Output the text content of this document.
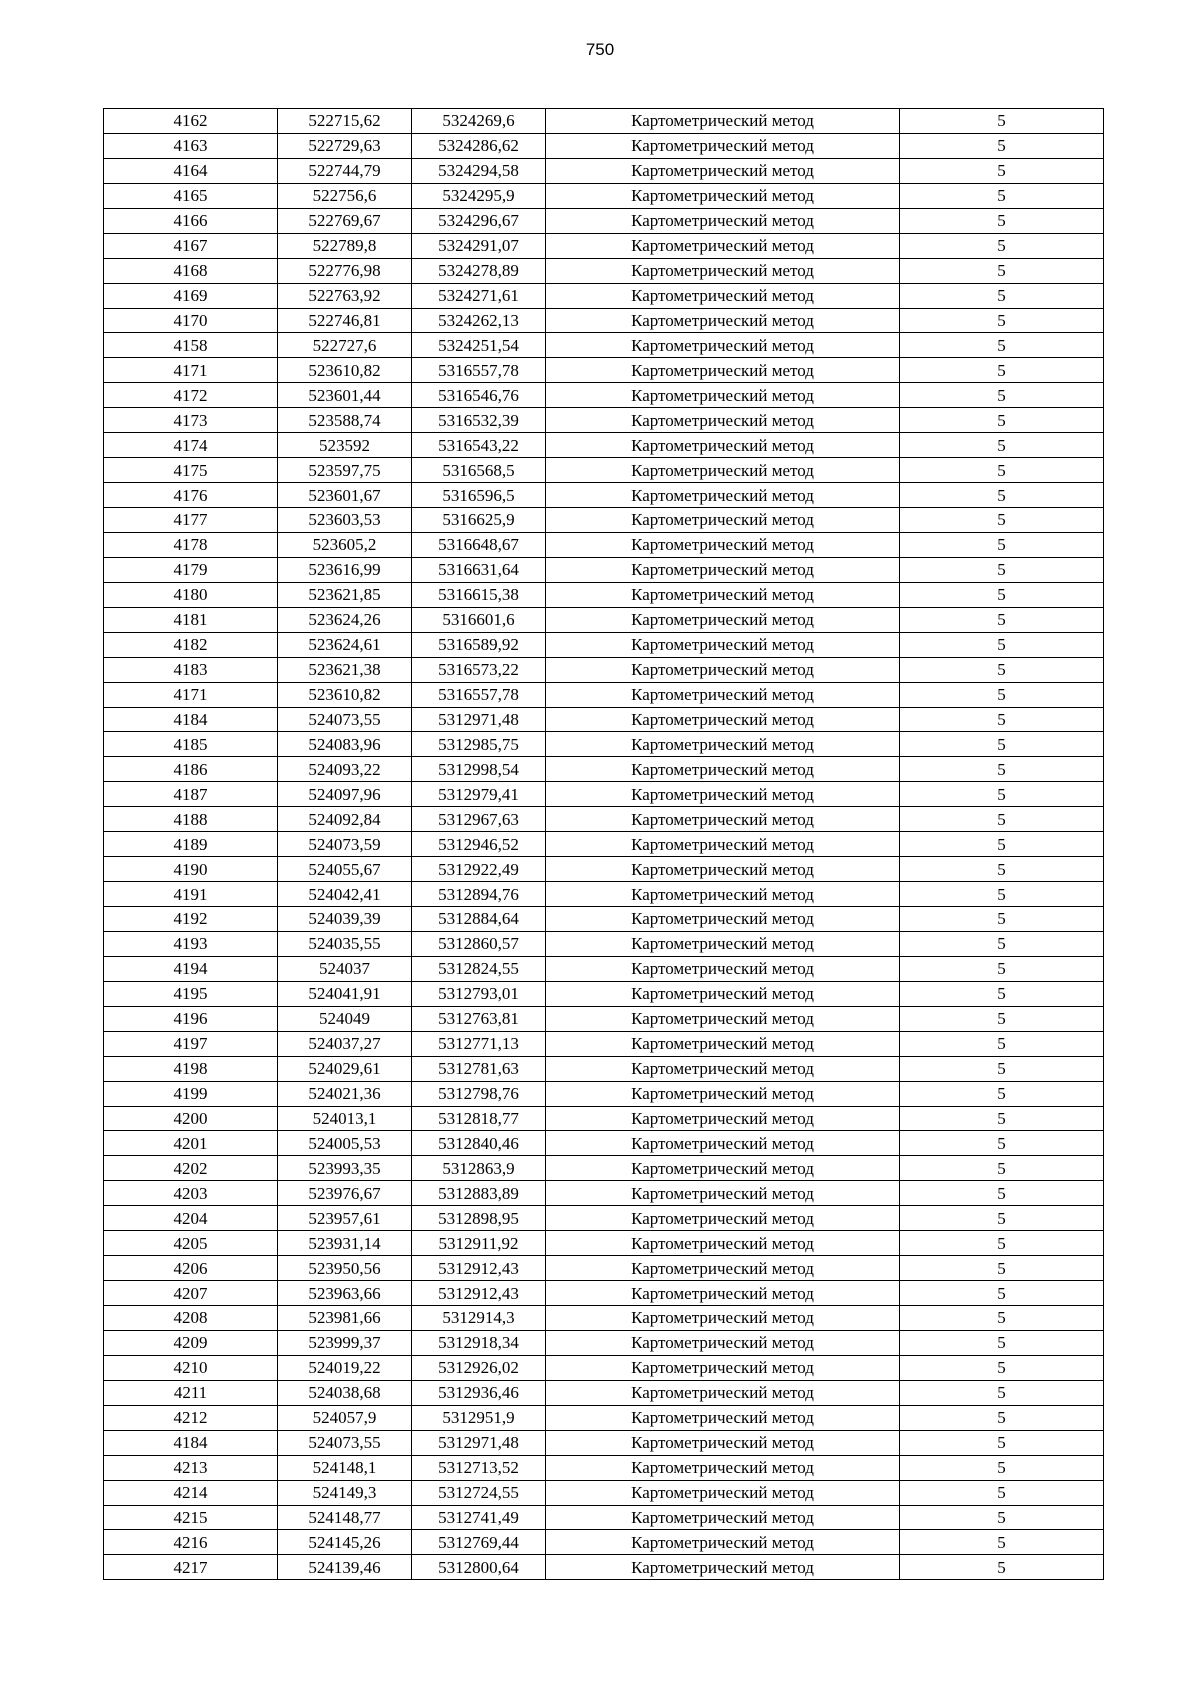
750
4162	522715,62	5324269,6	Картометрический метод	5
4163	522729,63	5324286,62	Картометрический метод	5
4164	522744,79	5324294,58	Картометрический метод	5
4165	522756,6	5324295,9	Картометрический метод	5
4166	522769,67	5324296,67	Картометрический метод	5
4167	522789,8	5324291,07	Картометрический метод	5
4168	522776,98	5324278,89	Картометрический метод	5
4169	522763,92	5324271,61	Картометрический метод	5
4170	522746,81	5324262,13	Картометрический метод	5
4158	522727,6	5324251,54	Картометрический метод	5
4171	523610,82	5316557,78	Картометрический метод	5
4172	523601,44	5316546,76	Картометрический метод	5
4173	523588,74	5316532,39	Картометрический метод	5
4174	523592	5316543,22	Картометрический метод	5
4175	523597,75	5316568,5	Картометрический метод	5
4176	523601,67	5316596,5	Картометрический метод	5
4177	523603,53	5316625,9	Картометрический метод	5
4178	523605,2	5316648,67	Картометрический метод	5
4179	523616,99	5316631,64	Картометрический метод	5
4180	523621,85	5316615,38	Картометрический метод	5
4181	523624,26	5316601,6	Картометрический метод	5
4182	523624,61	5316589,92	Картометрический метод	5
4183	523621,38	5316573,22	Картометрический метод	5
4171	523610,82	5316557,78	Картометрический метод	5
4184	524073,55	5312971,48	Картометрический метод	5
4185	524083,96	5312985,75	Картометрический метод	5
4186	524093,22	5312998,54	Картометрический метод	5
4187	524097,96	5312979,41	Картометрический метод	5
4188	524092,84	5312967,63	Картометрический метод	5
4189	524073,59	5312946,52	Картометрический метод	5
4190	524055,67	5312922,49	Картометрический метод	5
4191	524042,41	5312894,76	Картометрический метод	5
4192	524039,39	5312884,64	Картометрический метод	5
4193	524035,55	5312860,57	Картометрический метод	5
4194	524037	5312824,55	Картометрический метод	5
4195	524041,91	5312793,01	Картометрический метод	5
4196	524049	5312763,81	Картометрический метод	5
4197	524037,27	5312771,13	Картометрический метод	5
4198	524029,61	5312781,63	Картометрический метод	5
4199	524021,36	5312798,76	Картометрический метод	5
4200	524013,1	5312818,77	Картометрический метод	5
4201	524005,53	5312840,46	Картометрический метод	5
4202	523993,35	5312863,9	Картометрический метод	5
4203	523976,67	5312883,89	Картометрический метод	5
4204	523957,61	5312898,95	Картометрический метод	5
4205	523931,14	5312911,92	Картометрический метод	5
4206	523950,56	5312912,43	Картометрический метод	5
4207	523963,66	5312912,43	Картометрический метод	5
4208	523981,66	5312914,3	Картометрический метод	5
4209	523999,37	5312918,34	Картометрический метод	5
4210	524019,22	5312926,02	Картометрический метод	5
4211	524038,68	5312936,46	Картометрический метод	5
4212	524057,9	5312951,9	Картометрический метод	5
4184	524073,55	5312971,48	Картометрический метод	5
4213	524148,1	5312713,52	Картометрический метод	5
4214	524149,3	5312724,55	Картометрический метод	5
4215	524148,77	5312741,49	Картометрический метод	5
4216	524145,26	5312769,44	Картометрический метод	5
4217	524139,46	5312800,64	Картометрический метод	5
